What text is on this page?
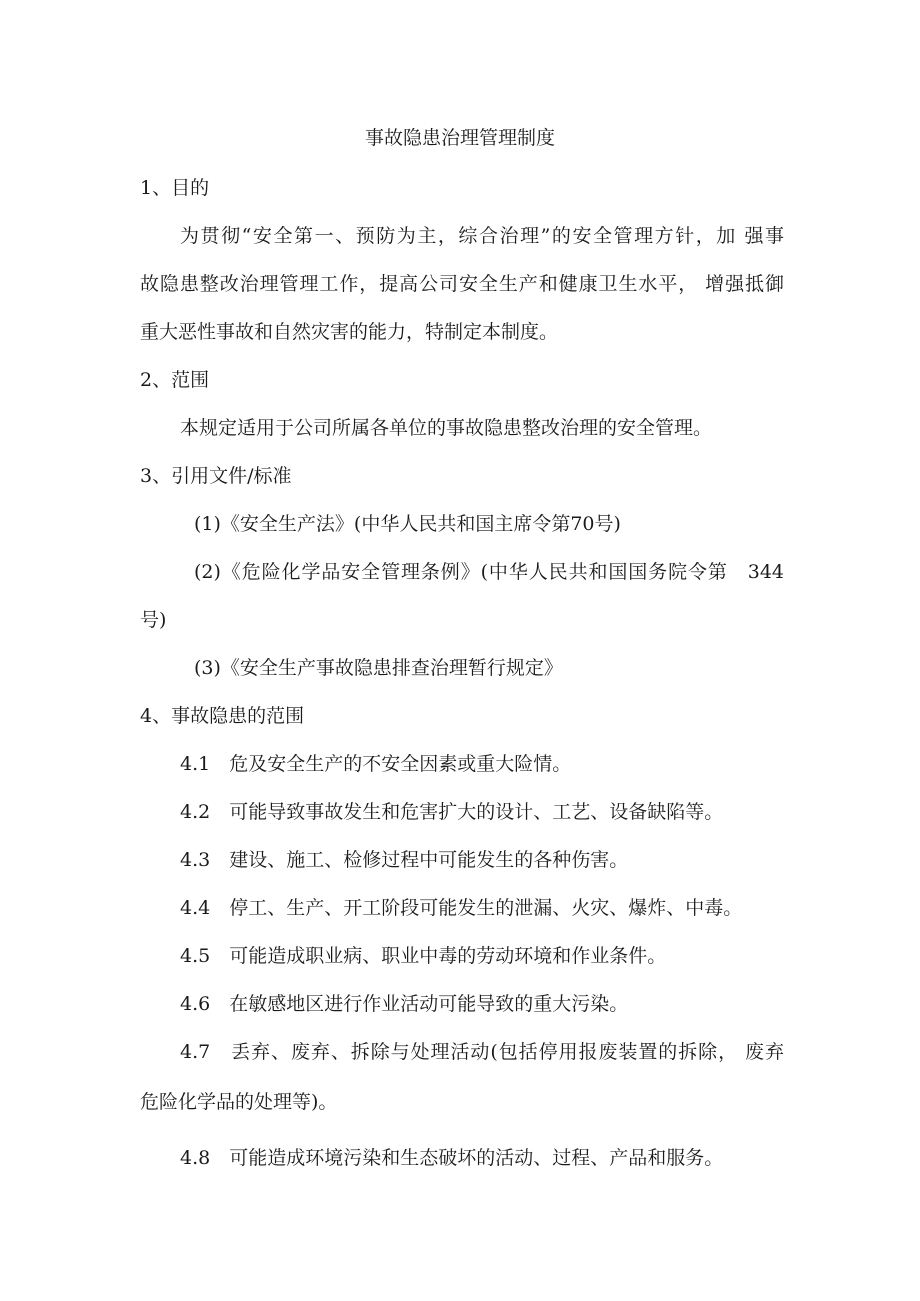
事故隐患治理管理制度
1、目的
为贯彻“安全第一、预防为主，综合治理”的安全管理方针，加 强事
故隐患整改治理管理工作，提高公司安全生产和健康卫生水平， 增强抵御
重大恶性事故和自然灾害的能力，特制定本制度。
2、范围
本规定适用于公司所属各单位的事故隐患整改治理的安全管理。
3、引用文件/标准
(1)《安全生产法》(中华人民共和国主席令第70号)
(2)《危险化学品安全管理条例》(中华人民共和国国务院令第　344
号)
(3)《安全生产事故隐患排查治理暂行规定》
4、事故隐患的范围
4.1　危及安全生产的不安全因素或重大险情。
4.2　可能导致事故发生和危害扩大的设计、工艺、设备缺陷等。
4.3　建设、施工、检修过程中可能发生的各种伤害。
4.4　停工、生产、开工阶段可能发生的泄漏、火灾、爆炸、中毒。
4.5　可能造成职业病、职业中毒的劳动环境和作业条件。
4.6　在敏感地区进行作业活动可能导致的重大污染。
4.7　丢弃、废弃、拆除与处理活动(包括停用报废装置的拆除， 废弃
危险化学品的处理等)。
4.8　可能造成环境污染和生态破坏的活动、过程、产品和服务。
